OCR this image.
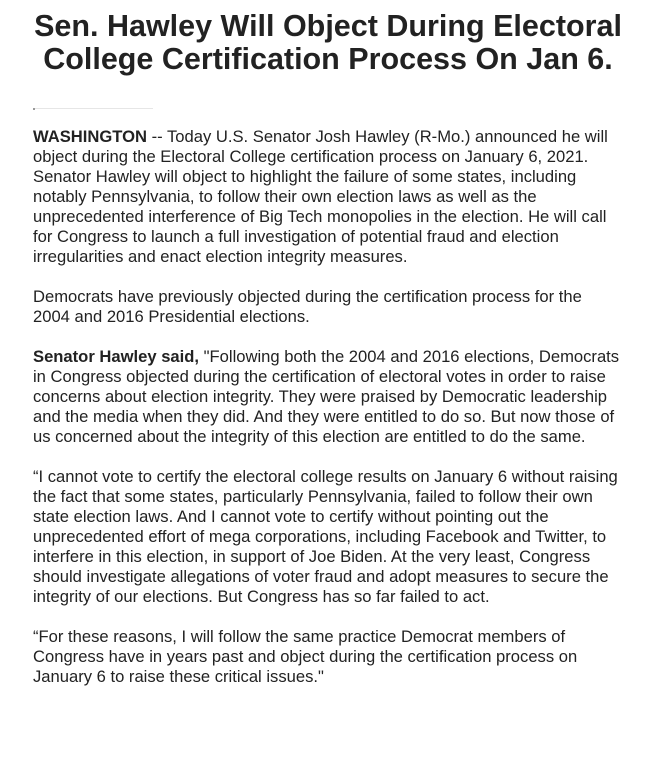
Sen. Hawley Will Object During Electoral College Certification Process On Jan 6.

WASHINGTON -- Today U.S. Senator Josh Hawley (R-Mo.) announced he will object during the Electoral College certification process on January 6, 2021. Senator Hawley will object to highlight the failure of some states, including notably Pennsylvania, to follow their own election laws as well as the unprecedented interference of Big Tech monopolies in the election. He will call for Congress to launch a full investigation of potential fraud and election irregularities and enact election integrity measures.

Democrats have previously objected during the certification process for the 2004 and 2016 Presidential elections.

Senator Hawley said, "Following both the 2004 and 2016 elections, Democrats in Congress objected during the certification of electoral votes in order to raise concerns about election integrity. They were praised by Democratic leadership and the media when they did. And they were entitled to do so. But now those of us concerned about the integrity of this election are entitled to do the same.

“I cannot vote to certify the electoral college results on January 6 without raising the fact that some states, particularly Pennsylvania, failed to follow their own state election laws. And I cannot vote to certify without pointing out the unprecedented effort of mega corporations, including Facebook and Twitter, to interfere in this election, in support of Joe Biden. At the very least, Congress should investigate allegations of voter fraud and adopt measures to secure the integrity of our elections. But Congress has so far failed to act.

“For these reasons, I will follow the same practice Democrat members of Congress have in years past and object during the certification process on January 6 to raise these critical issues."
